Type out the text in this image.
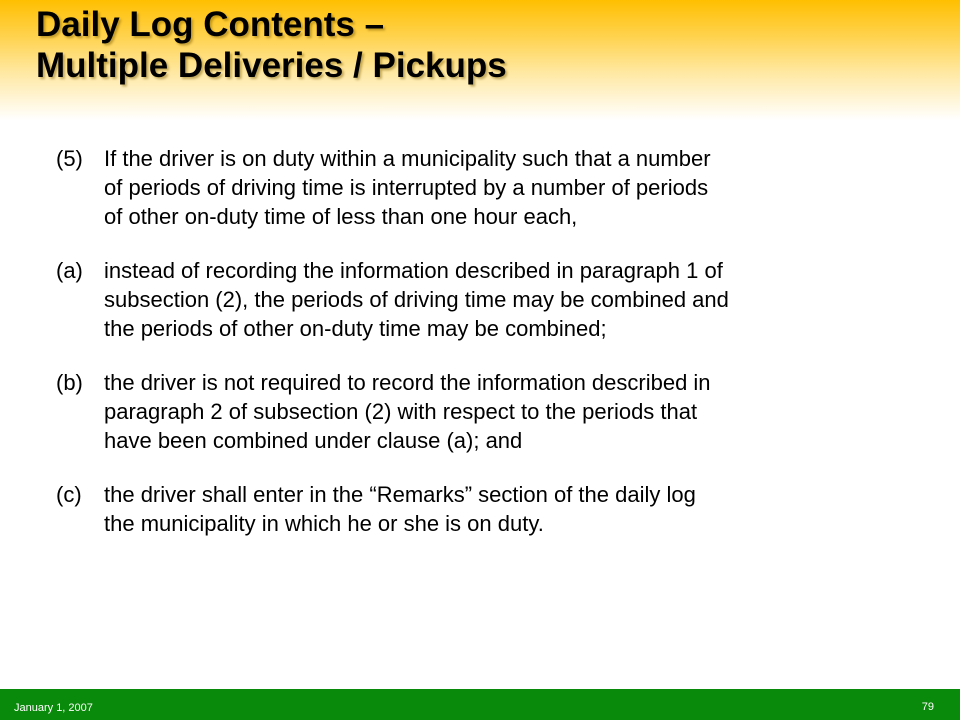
Daily Log Contents –
Multiple Deliveries / Pickups
(5) If the driver is on duty within a municipality such that a number
of periods of driving time is interrupted by a number of periods
of other on-duty time of less than one hour each,
(a) instead of recording the information described in paragraph 1 of
subsection (2), the periods of driving time may be combined and
the periods of other on-duty time may be combined;
(b) the driver is not required to record the information described in
paragraph 2 of subsection (2) with respect to the periods that
have been combined under clause (a); and
(c)	the driver shall enter in the “Remarks” section of the daily log
the municipality in which he or she is on duty.
January 1, 2007	79
